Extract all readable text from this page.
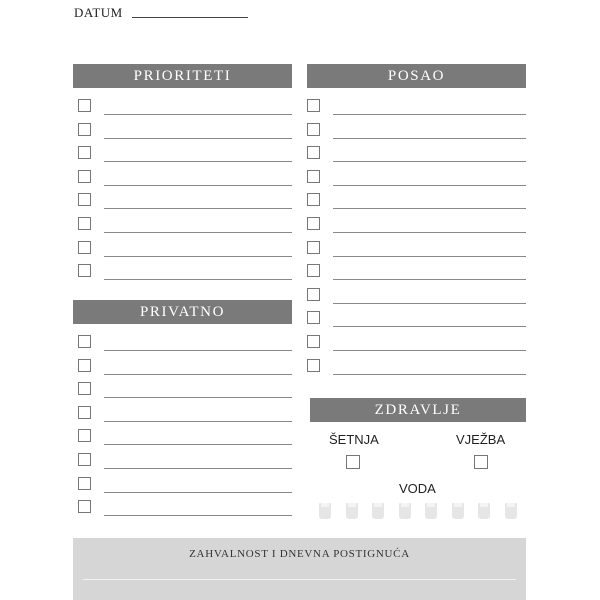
DATUM
PRIORITETI	POSAO
PRIVATNO
ZDRAVLJE
ŠETNJA	VJEŽBA
VODA
ZAHVALNOST I DNEVNA POSTIGNUĆA
